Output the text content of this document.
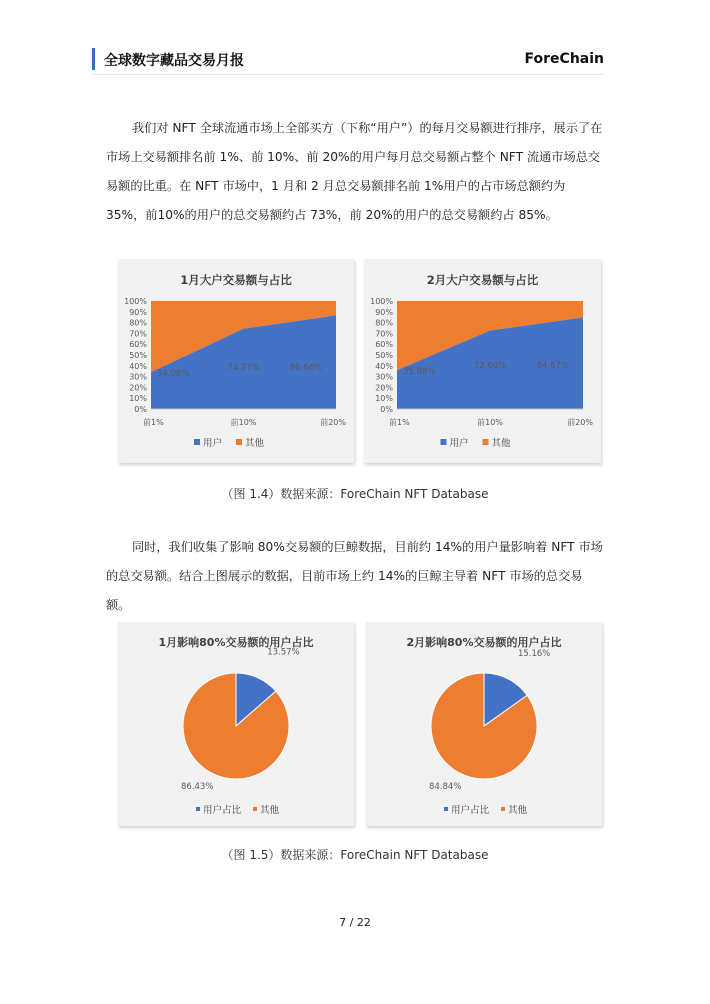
全球数字藏品交易月报	ForeChain

我们对 NFT 全球流通市场上全部买方（下称“用户”）的每月交易额进行排序，展示了在市场上交易额排名前 1%、前 10%、前 20%的用户每月总交易额占整个 NFT 流通市场总交易额的比重。在 NFT 市场中，1 月和 2 月总交易额排名前 1%用户的占市场总额约为 35%，前10%的用户的总交易额约占 73%，前 20%的用户的总交易额约占 85%。

1月大户交易额与占比
0%
10%
20%
30%
40%
50%
60%
70%
80%
90%
100%
前1%	前10%	前20%
34.08%
74.27%	86.64%
用户 其他
2月大户交易额与占比
0%
10%
20%
30%
40%
50%
60%
70%
80%
90%
100%
前1%	前10%	前20%
35.88%
72.60%	84.67%
用户 其他
（图 1.4）数据来源：ForeChain NFT Database

同时，我们收集了影响 80%交易额的巨鲸数据，目前约 14%的用户量影响着 NFT 市场的总交易额。结合上图展示的数据，目前市场上约 14%的巨鲸主导着 NFT 市场的总交易额。

1月影响80%交易额的用户占比
13.57%
86.43%
用户占比 其他
2月影响80%交易额的用户占比
15.16%
84.84%
用户占比 其他
（图 1.5）数据来源：ForeChain NFT Database
7 / 22
